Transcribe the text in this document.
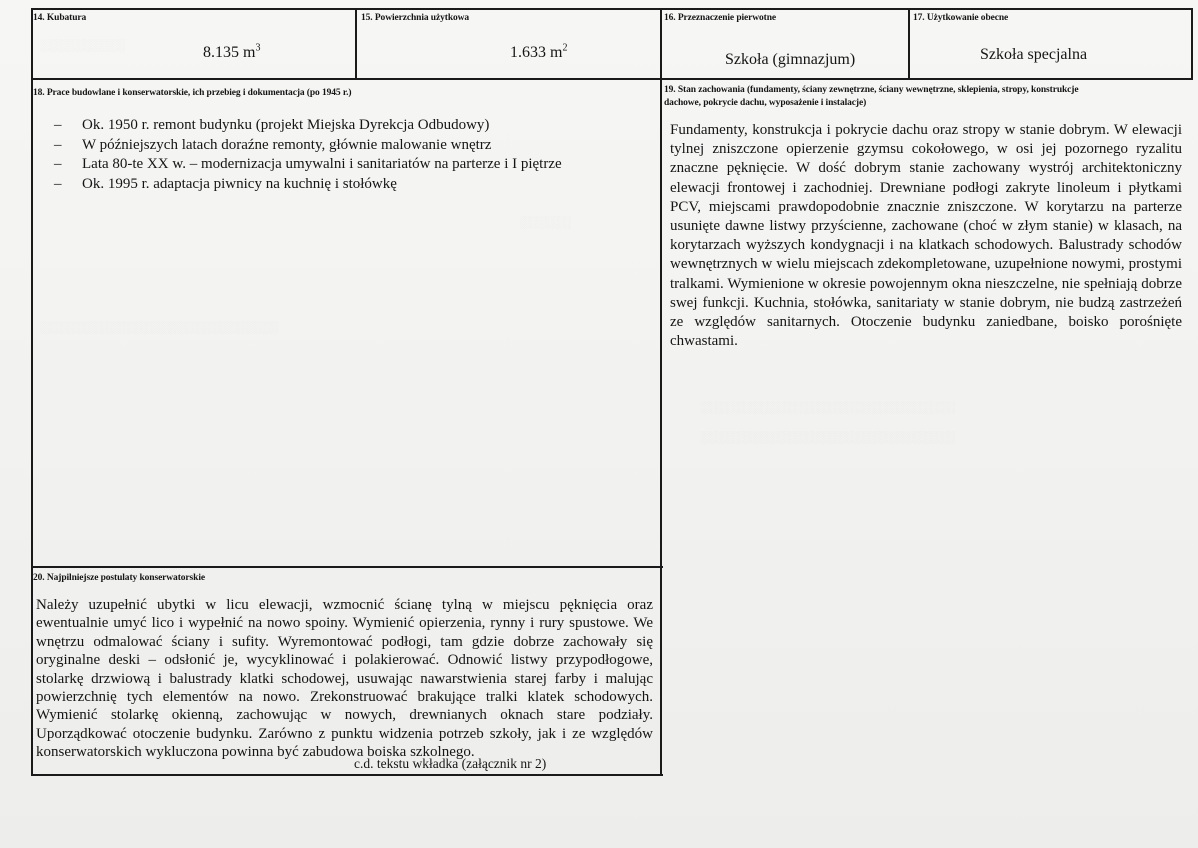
░░░░░░░░░░
░░░░░░
░░░░░░░░░░░░░░░░░░░░░░░░░░░░
░░░░░░░░░░░░░░░░░░░░░░░░░░░░░░
░░░░░░░░░░░░░░░░░░░░░░░░░░░░░░
14. Kubatura
8.135 $m^3$
15. Powierzchnia użytkowa
1.633 $m^2$
16. Przeznaczenie pierwotne
Szkoła (gimnazjum)
17. Użytkowanie obecne
Szkoła specjalna
18. Prace budowlane i konserwatorskie, ich przebieg i dokumentacja (po 1945 r.)
– Ok. 1950 r. remont budynku (projekt Miejska Dyrekcja Odbudowy)
– W późniejszych latach doraźne remonty, głównie malowanie wnętrz
– Lata 80-te XX w. – modernizacja umywalni i sanitariatów na parterze i I piętrze
– Ok. 1995 r. adaptacja piwnicy na kuchnię i stołówkę
19. Stan zachowania (fundamenty, ściany zewnętrzne, ściany wewnętrzne, sklepienia, stropy, konstrukcje
dachowe, pokrycie dachu, wyposażenie i instalacje)
Fundamenty, konstrukcja i pokrycie dachu oraz stropy w stanie dobrym. W elewacji tylnej zniszczone opierzenie gzymsu cokołowego, w osi jej pozornego ryzalitu znaczne pęknięcie. W dość dobrym stanie zachowany wystrój architektoniczny elewacji frontowej i zachodniej. Drewniane podłogi zakryte linoleum i płytkami PCV, miejscami prawdopodobnie znacznie zniszczone. W korytarzu na parterze usunięte dawne listwy przyścienne, zachowane (choć w złym stanie) w klasach, na korytarzach wyższych kondygnacji i na klatkach schodowych. Balustrady schodów wewnętrznych w wielu miejscach zdekompletowane, uzupełnione nowymi, prostymi tralkami. Wymienione w okresie powojennym okna nieszczelne, nie spełniają dobrze swej funkcji. Kuchnia, stołówka, sanitariaty w stanie dobrym, nie budzą zastrzeżeń ze względów sanitarnych. Otoczenie budynku zaniedbane, boisko porośnięte chwastami.
20. Najpilniejsze postulaty konserwatorskie
Należy uzupełnić ubytki w licu elewacji, wzmocnić ścianę tylną w miejscu pęknięcia oraz ewentualnie umyć lico i wypełnić na nowo spoiny. Wymienić opierzenia, rynny i rury spustowe. We wnętrzu odmalować ściany i sufity. Wyremontować podłogi, tam gdzie dobrze zachowały się oryginalne deski – odsłonić je, wycyklinować i polakierować. Odnowić listwy przypodłogowe, stolarkę drzwiową i balustrady klatki schodowej, usuwając nawarstwienia starej farby i malując powierzchnię tych elementów na nowo. Zrekonstruować brakujące tralki klatek schodowych. Wymienić stolarkę okienną, zachowując w nowych, drewnianych oknach stare podziały. Uporządkować otoczenie budynku. Zarówno z punktu widzenia potrzeb szkoły, jak i ze względów konserwatorskich wykluczona powinna być zabudowa boiska szkolnego.
c.d. tekstu wkładka (załącznik nr 2)
